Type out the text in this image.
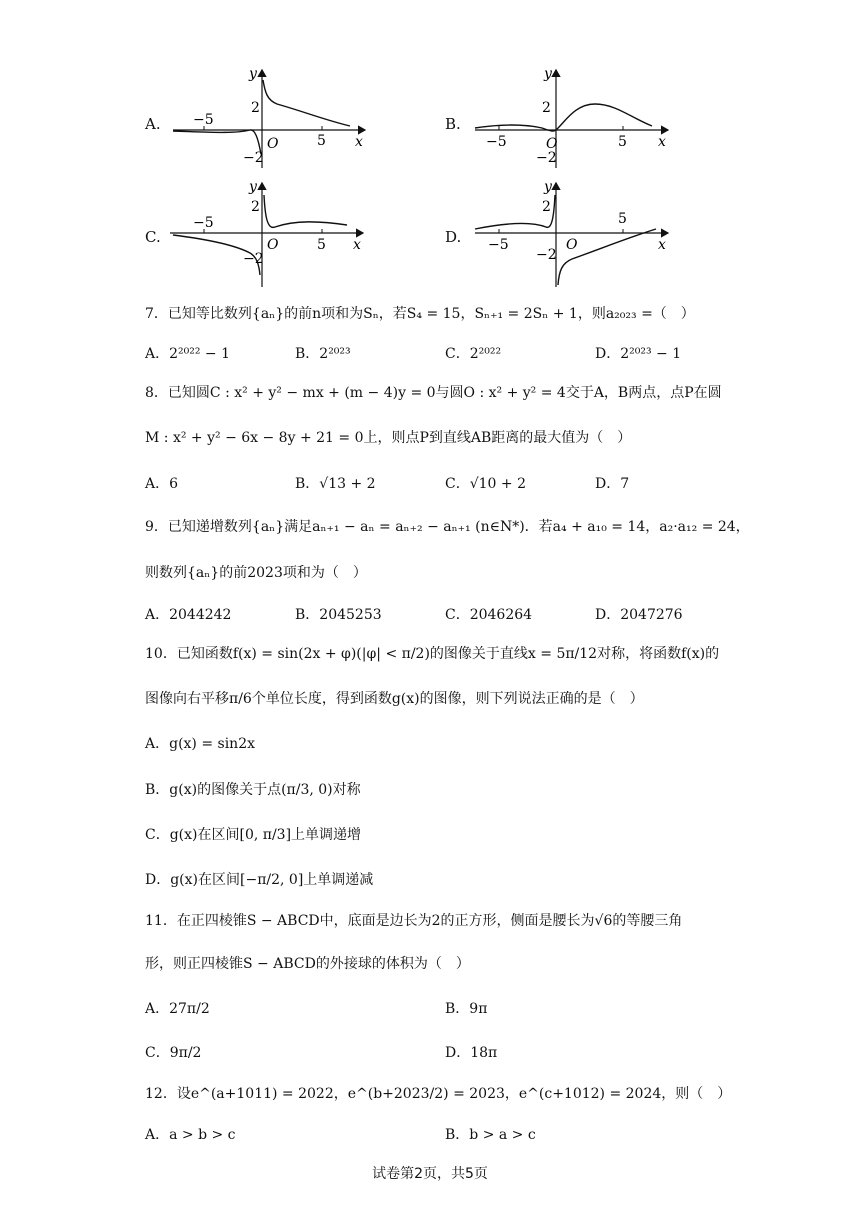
A. −5
5
2
−2
O	x
y
B.
−5	5
2
−2
O	x
y
C.
−5
5
2
−2
O	x
y
D. −5
5
2
−2
O	x
y
7．已知等比数列{aₙ}的前n项和为Sₙ，若S₄ = 15，Sₙ₊₁ = 2Sₙ + 1，则a₂₀₂₃ =（　）
A．2²⁰²² − 1	B．2²⁰²³	C．2²⁰²²	D．2²⁰²³ − 1
8．已知圆C : x² + y² − mx + (m − 4)y = 0与圆O : x² + y² = 4交于A，B两点，点P在圆
M : x² + y² − 6x − 8y + 21 = 0上，则点P到直线AB距离的最大值为（　）
A．6	B．√13 + 2	C．√10 + 2	D．7
9．已知递增数列{aₙ}满足aₙ₊₁ − aₙ = aₙ₊₂ − aₙ₊₁ (n∈N*)．若a₄ + a₁₀ = 14，a₂·a₁₂ = 24，
则数列{aₙ}的前2023项和为（　）
A．2044242	B．2045253	C．2046264	D．2047276
10．已知函数f(x) = sin(2x + φ)(|φ| < π/2)的图像关于直线x = 5π/12对称，将函数f(x)的
图像向右平移π/6个单位长度，得到函数g(x)的图像，则下列说法正确的是（　）
A．g(x) = sin2x
B．g(x)的图像关于点(π/3, 0)对称
C．g(x)在区间[0, π/3]上单调递增
D．g(x)在区间[−π/2, 0]上单调递减
11．在正四棱锥S − ABCD中，底面是边长为2的正方形，侧面是腰长为√6的等腰三角
形，则正四棱锥S − ABCD的外接球的体积为（　）
A．27π/2	B．9π
C．9π/2	D．18π
12．设e^(a+1011) = 2022，e^(b+2023/2) = 2023，e^(c+1012) = 2024，则（　）
A．a > b > c	B．b > a > c
试卷第2页，共5页
